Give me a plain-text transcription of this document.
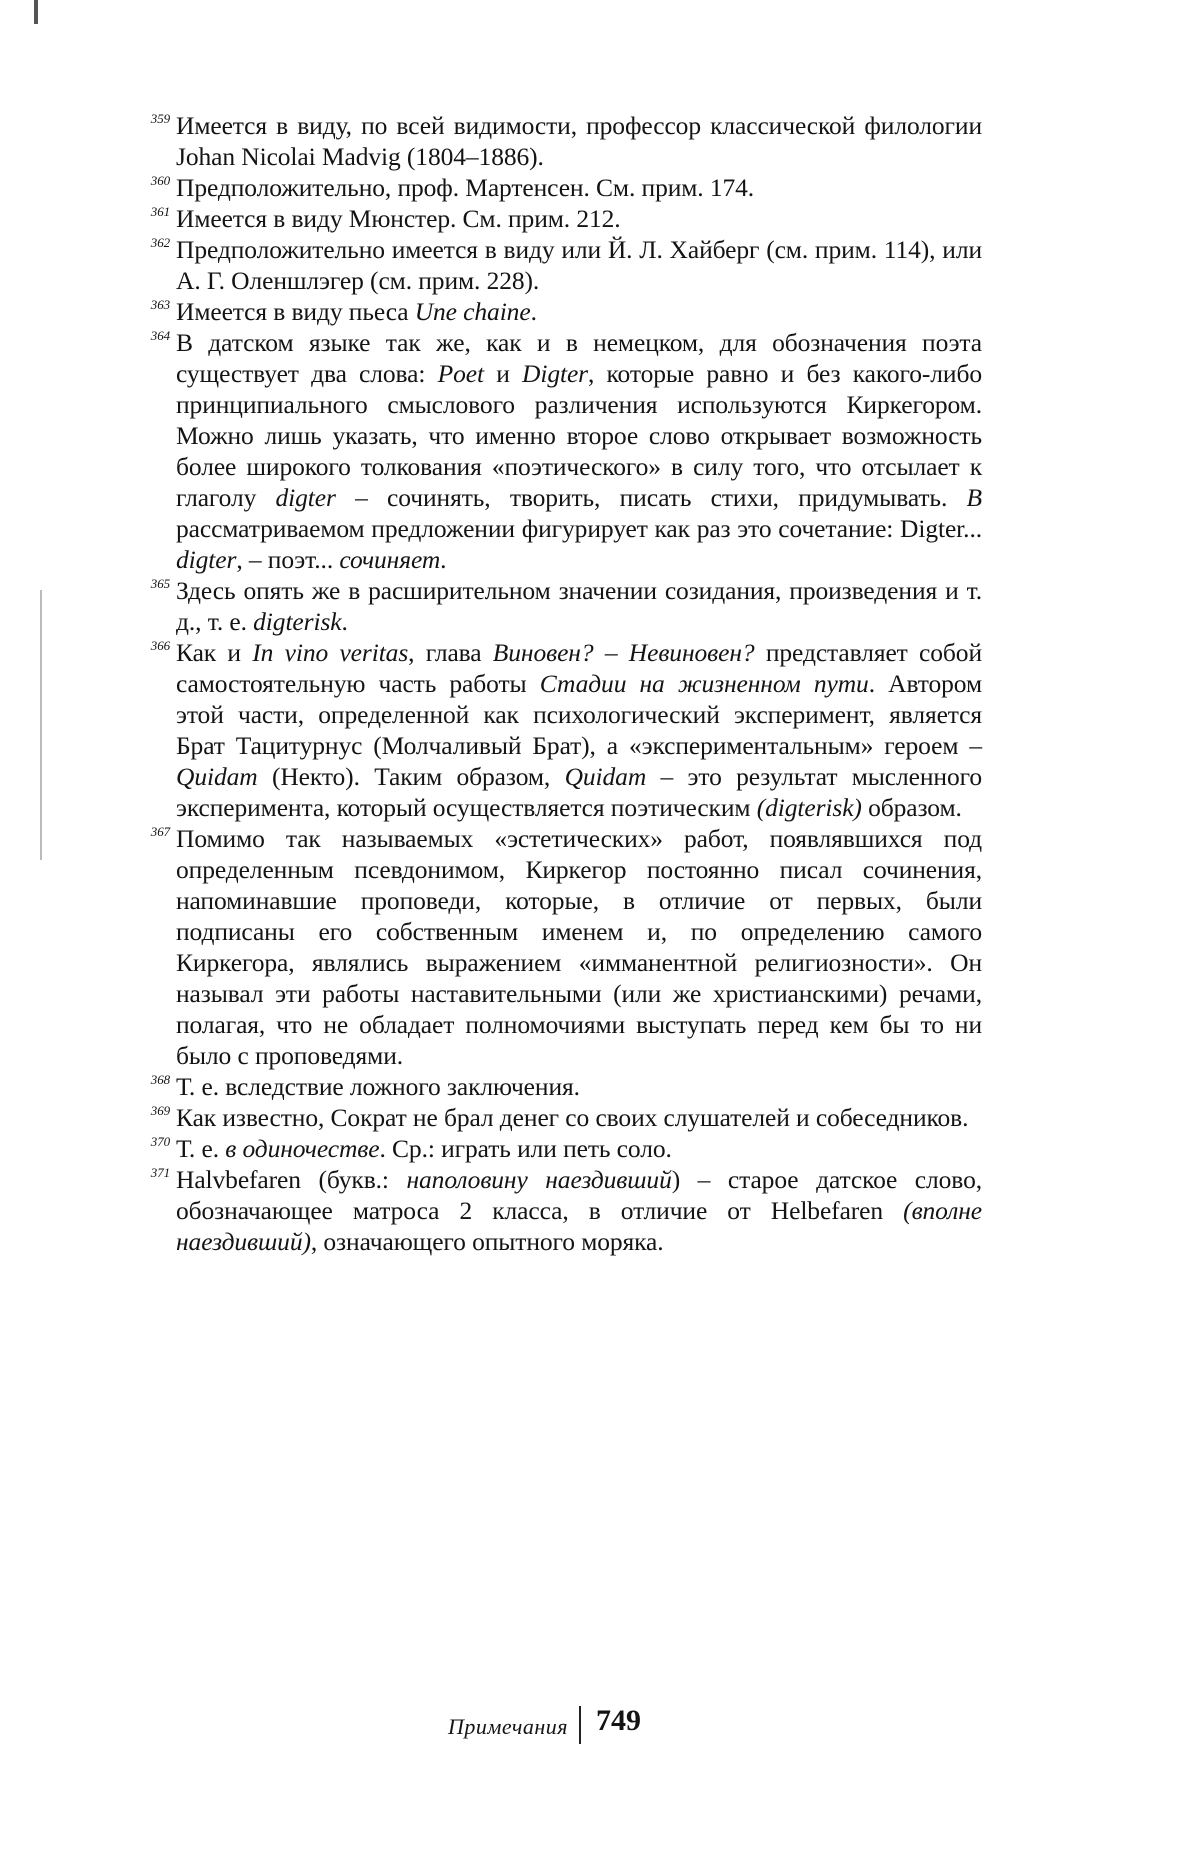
359 Имеется в виду, по всей видимости, профессор классической филологии Johan Nicolai Madvig (1804–1886).
360 Предположительно, проф. Мартенсен. См. прим. 174.
361 Имеется в виду Мюнстер. См. прим. 212.
362 Предположительно имеется в виду или Й. Л. Хайберг (см. прим. 114), или А. Г. Оленшлэгер (см. прим. 228).
363 Имеется в виду пьеса Une chaine.
364 В датском языке так же, как и в немецком, для обозначения поэта существует два слова: Poet и Digter, которые равно и без какого-либо принципиального смыслового различения используются Киркегором. Можно лишь указать, что именно второе слово открывает возможность более широкого толкования «поэтического» в силу того, что отсылает к глаголу digter – сочинять, творить, писать стихи, придумывать. В рассматриваемом предложении фигурирует как раз это сочетание: Digter... digter, – поэт... сочиняет.
365 Здесь опять же в расширительном значении созидания, произведения и т. д., т. е. digterisk.
366 Как и In vino veritas, глава Виновен? – Невиновен? представляет собой самостоятельную часть работы Стадии на жизненном пути. Автором этой части, определенной как психологический эксперимент, является Брат Тацитурнус (Молчаливый Брат), а «экспериментальным» героем – Quidam (Некто). Таким образом, Quidam – это результат мысленного эксперимента, который осуществляется поэтическим (digterisk) образом.
367 Помимо так называемых «эстетических» работ, появлявшихся под определенным псевдонимом, Киркегор постоянно писал сочинения, напоминавшие проповеди, которые, в отличие от первых, были подписаны его собственным именем и, по определению самого Киркегора, являлись выражением «имманентной религиозности». Он называл эти работы наставительными (или же христианскими) речами, полагая, что не обладает полномочиями выступать перед кем бы то ни было с проповедями.
368 Т. е. вследствие ложного заключения.
369 Как известно, Сократ не брал денег со своих слушателей и собеседников.
370 Т. е. в одиночестве. Ср.: играть или петь соло.
371 Halvbefaren (букв.: наполовину наездивший) – старое датское слово, обозначающее матроса 2 класса, в отличие от Helbefaren (вполне наездивший), означающего опытного моряка.
Примечания 749
